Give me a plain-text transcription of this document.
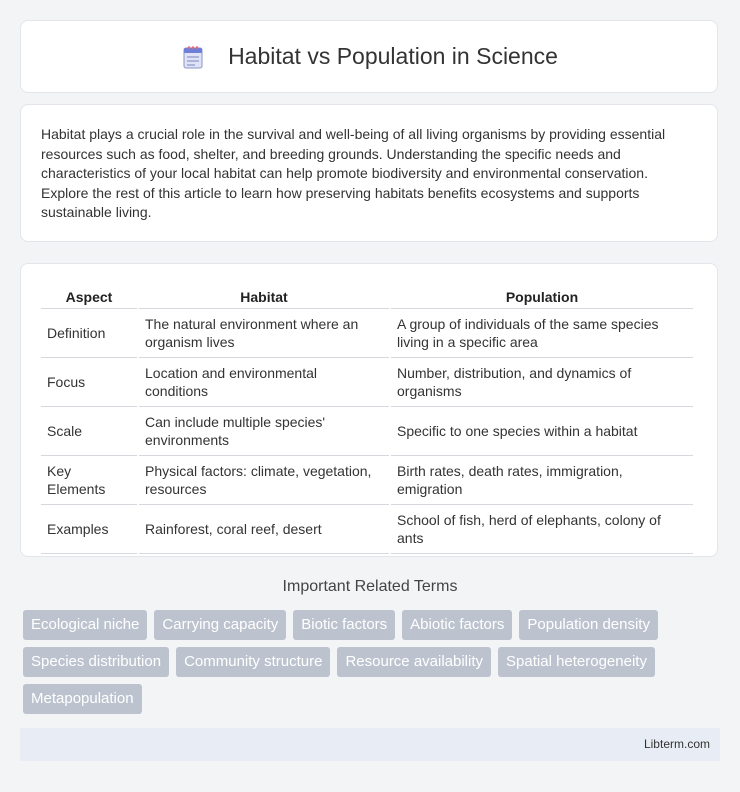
Habitat vs Population in Science

Habitat plays a crucial role in the survival and well-being of all living organisms by providing essential resources such as food, shelter, and breeding grounds. Understanding the specific needs and characteristics of your local habitat can help promote biodiversity and environmental conservation. Explore the rest of this article to learn how preserving habitats benefits ecosystems and supports sustainable living.

Aspect	Habitat	Population
Definition	The natural environment where an organism lives	A group of individuals of the same species living in a specific area
Focus	Location and environmental conditions	Number, distribution, and dynamics of organisms
Scale	Can include multiple species' environments	Specific to one species within a habitat
Key Elements	Physical factors: climate, vegetation, resources	Birth rates, death rates, immigration, emigration
Examples	Rainforest, coral reef, desert	School of fish, herd of elephants, colony of ants
Important Related Terms
Ecological niche	Carrying capacity	Biotic factors	Abiotic factors	Population density
Species distribution	Community structure	Resource availability	Spatial heterogeneity
Metapopulation
Libterm.com
